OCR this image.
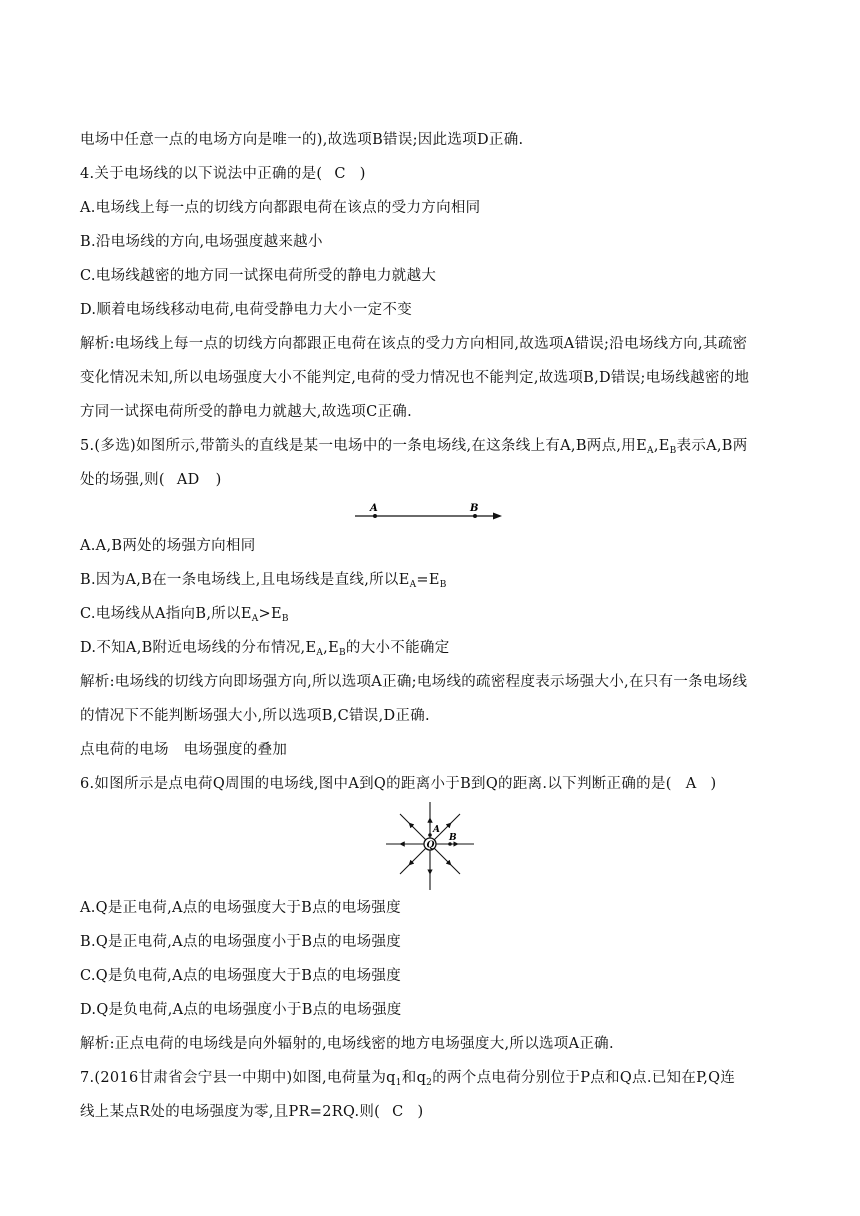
电场中任意一点的电场方向是唯一的),故选项B错误;因此选项D正确.
4.关于电场线的以下说法中正确的是( C )
A.电场线上每一点的切线方向都跟电荷在该点的受力方向相同
B.沿电场线的方向,电场强度越来越小
C.电场线越密的地方同一试探电荷所受的静电力就越大
D.顺着电场线移动电荷,电荷受静电力大小一定不变
解析:电场线上每一点的切线方向都跟正电荷在该点的受力方向相同,故选项A错误;沿电场线方向,其疏密
变化情况未知,所以电场强度大小不能判定,电荷的受力情况也不能判定,故选项B,D错误;电场线越密的地
方同一试探电荷所受的静电力就越大,故选项C正确.
5.(多选)如图所示,带箭头的直线是某一电场中的一条电场线,在这条线上有A,B两点,用$E_A,E_B$表示A,B两
处的场强,则( AD )
A	B
A.A,B两处的场强方向相同
B.因为A,B在一条电场线上,且电场线是直线,所以$E_A=E_B$
C.电场线从A指向B,所以$E_A>E_B$
D.不知A,B附近电场线的分布情况$,E_A,E_B$的大小不能确定
解析:电场线的切线方向即场强方向,所以选项A正确;电场线的疏密程度表示场强大小,在只有一条电场线
的情况下不能判断场强大小,所以选项B,C错误,D正确.
点电荷的电场　电场强度的叠加
6.如图所示是点电荷Q周围的电场线,图中A到Q的距离小于B到Q的距离.以下判断正确的是( A )
Q
A
B
A.Q是正电荷,A点的电场强度大于B点的电场强度
B.Q是正电荷,A点的电场强度小于B点的电场强度
C.Q是负电荷,A点的电场强度大于B点的电场强度
D.Q是负电荷,A点的电场强度小于B点的电场强度
解析:正点电荷的电场线是向外辐射的,电场线密的地方电场强度大,所以选项A正确.
7.(2016甘肃省会宁县一中期中)如图,电荷量为$q_1$和$q_2$的两个点电荷分别位于P点和Q点.已知在P,Q连
线上某点R处的电场强度为零,且PR=2RQ.则( C )
